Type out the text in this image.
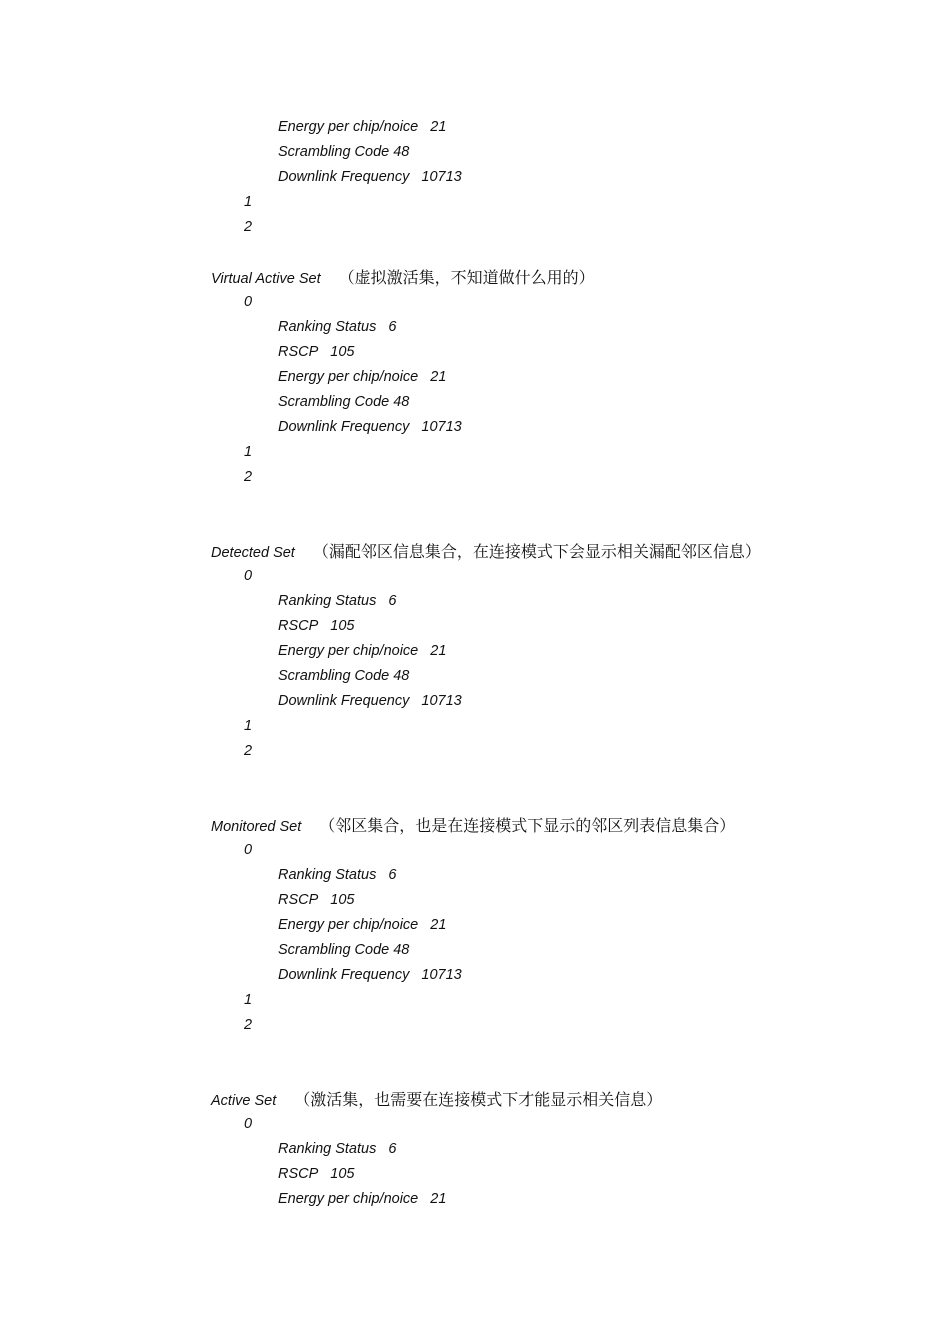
Energy per chip/noice 21
Scrambling Code 48
Downlink Frequency 10713
1
2
Virtual Active Set （虚拟激活集，不知道做什么用的）
0
Ranking Status 6
RSCP 105
Energy per chip/noice 21
Scrambling Code 48
Downlink Frequency 10713
1
2
Detected Set （漏配邻区信息集合，在连接模式下会显示相关漏配邻区信息）
0
Ranking Status 6
RSCP 105
Energy per chip/noice 21
Scrambling Code 48
Downlink Frequency 10713
1
2
Monitored Set （邻区集合，也是在连接模式下显示的邻区列表信息集合）
0
Ranking Status 6
RSCP 105
Energy per chip/noice 21
Scrambling Code 48
Downlink Frequency 10713
1
2
Active Set （激活集，也需要在连接模式下才能显示相关信息）
0
Ranking Status 6
RSCP 105
Energy per chip/noice 21
